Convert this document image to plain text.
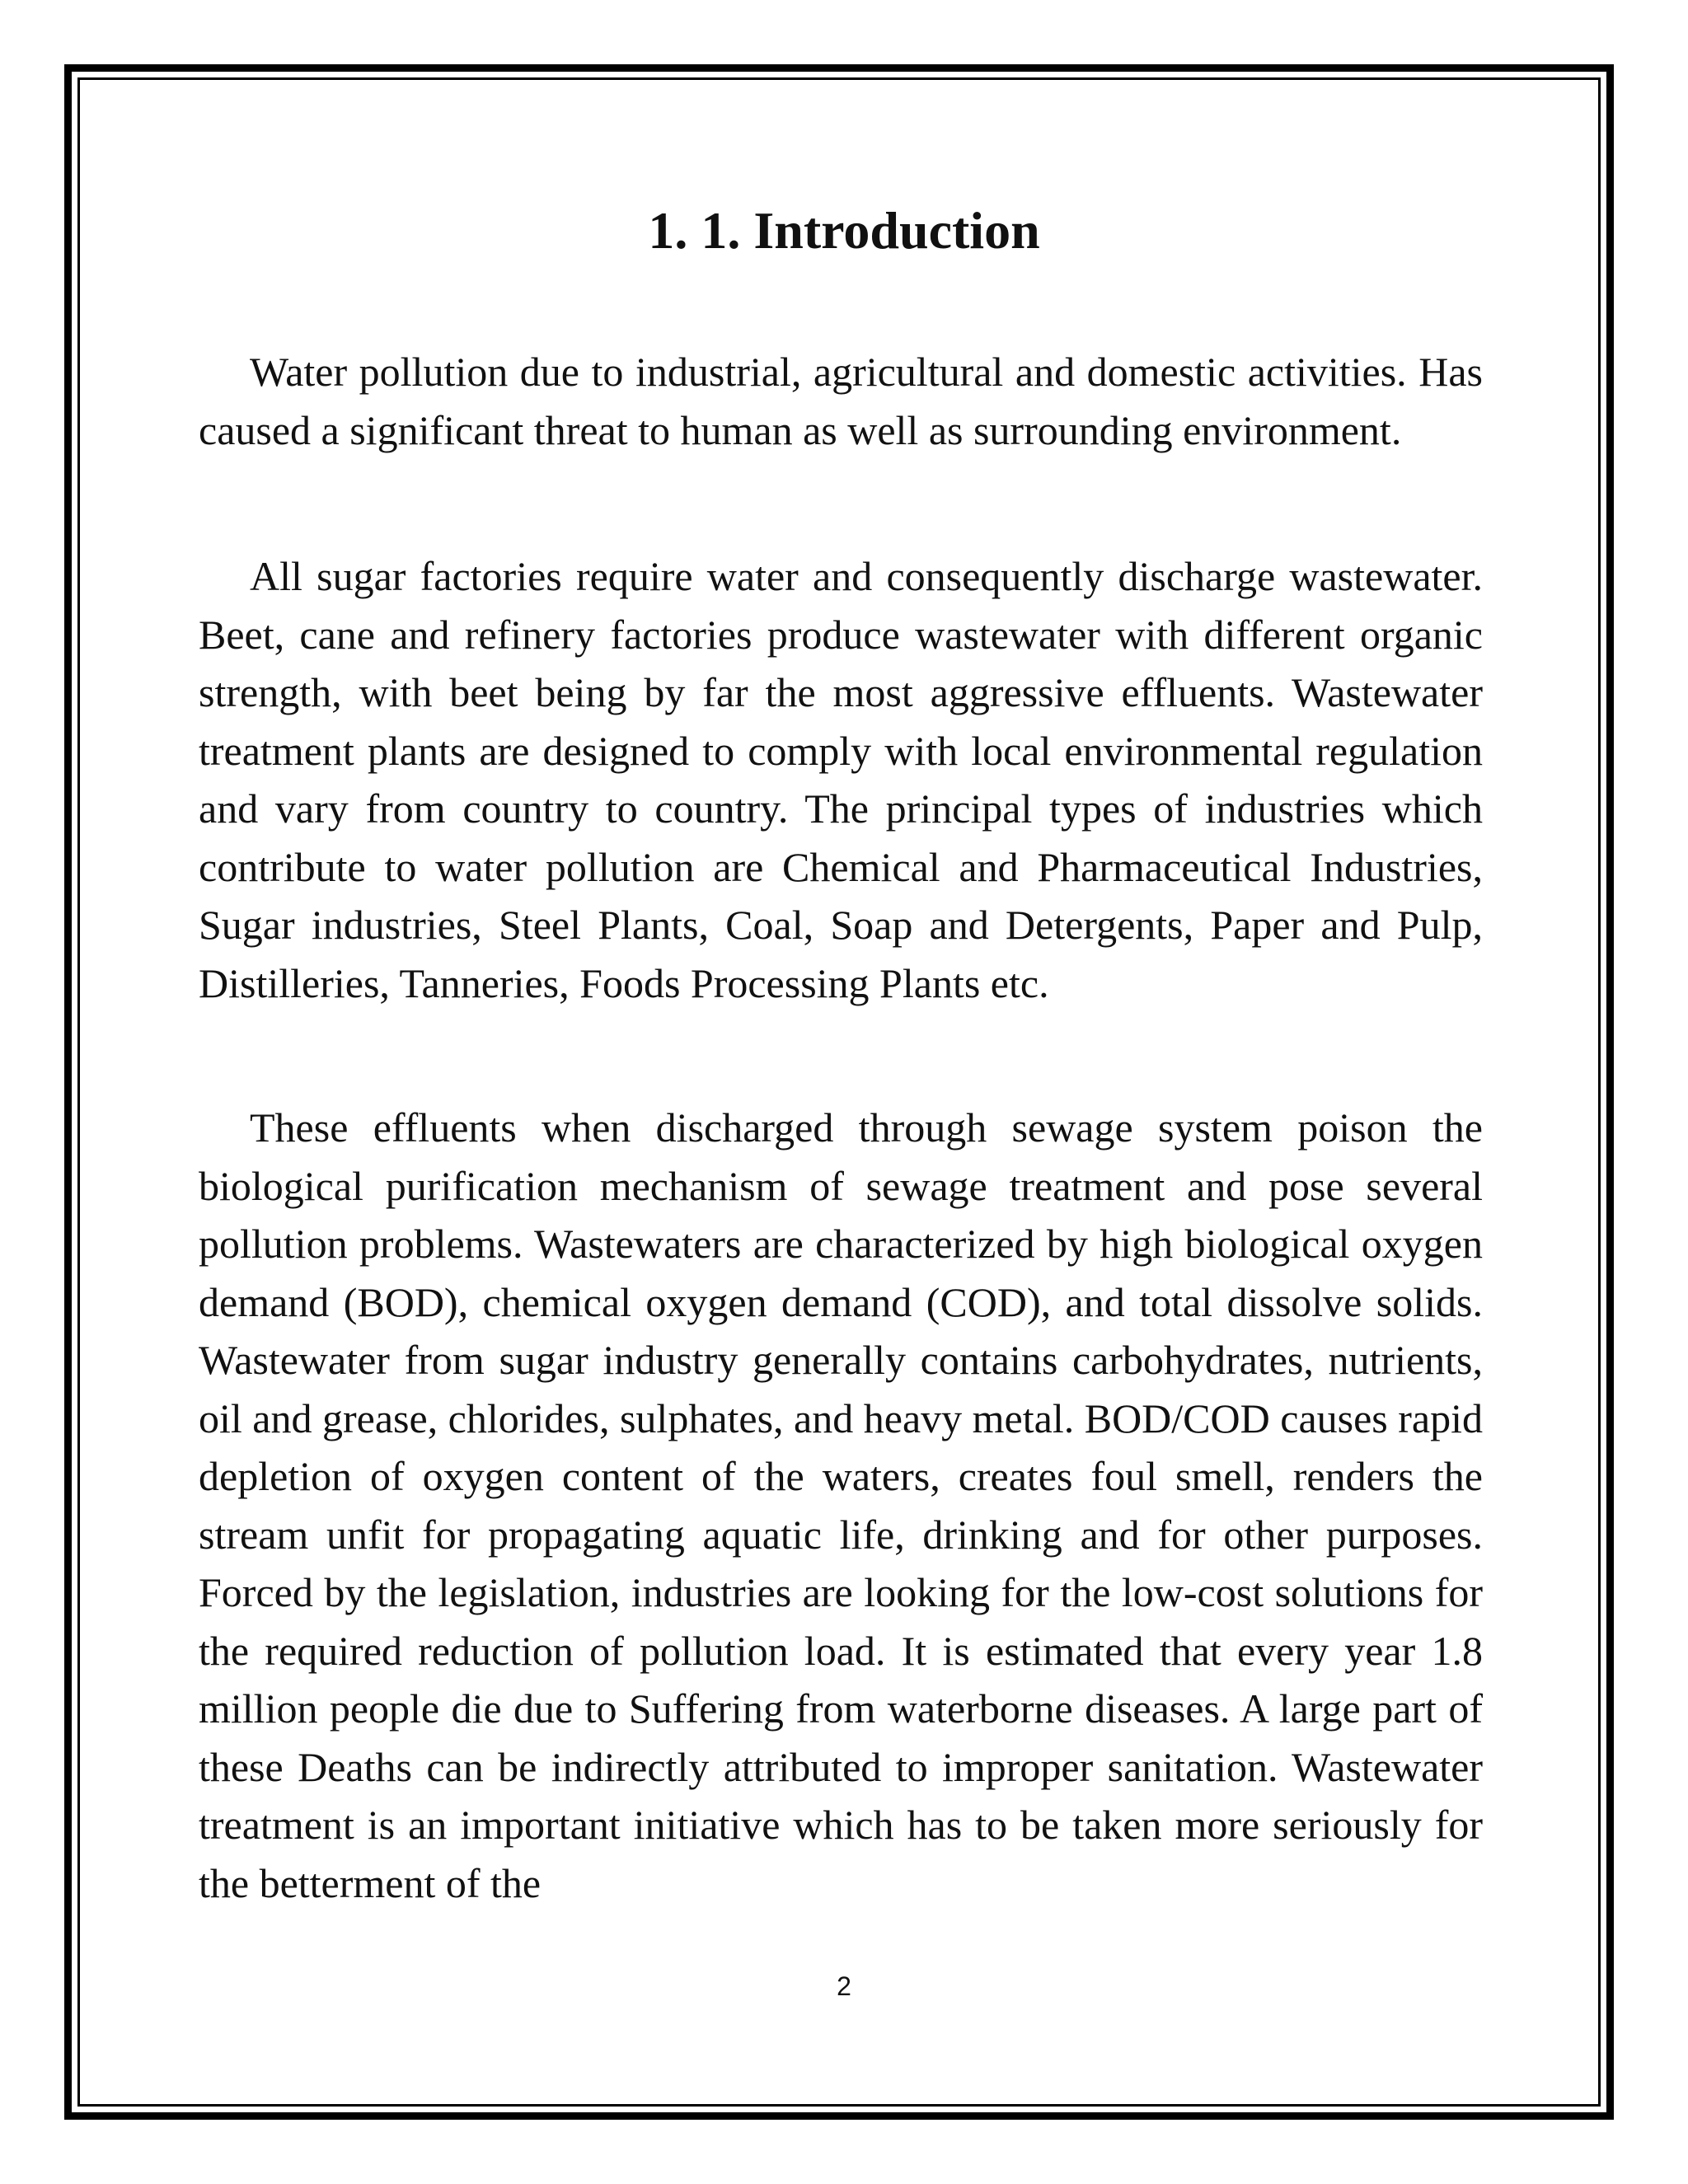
1. 1. Introduction

Water pollution due to industrial, agricultural and domestic activities. Has caused a significant threat to human as well as surrounding environment.

All sugar factories require water and consequently discharge wastewater. Beet, cane and refinery factories produce wastewater with different organic strength, with beet being by far the most aggressive effluents. Wastewater treatment plants are designed to comply with local environmental regulation and vary from country to country. The principal types of industries which contribute to water pollution are Chemical and Pharmaceutical Industries, Sugar industries, Steel Plants, Coal, Soap and Detergents, Paper and Pulp, Distilleries, Tanneries, Foods Processing Plants etc.

These effluents when discharged through sewage system poison the biological purification mechanism of sewage treatment and pose several pollution problems. Wastewaters are characterized by high biological oxygen demand (BOD), chemical oxygen demand (COD), and total dissolve solids. Wastewater from sugar industry generally contains carbohydrates, nutrients, oil and grease, chlorides, sulphates, and heavy metal. BOD/COD causes rapid depletion of oxygen content of the waters, creates foul smell, renders the stream unfit for propagating aquatic life, drinking and for other purposes. Forced by the legislation, industries are looking for the low-cost solutions for the required reduction of pollution load. It is estimated that every year 1.8 million people die due to Suffering from waterborne diseases. A large part of these Deaths can be indirectly attributed to improper sanitation. Wastewater treatment is an important initiative which has to be taken more seriously for the betterment of the

2
